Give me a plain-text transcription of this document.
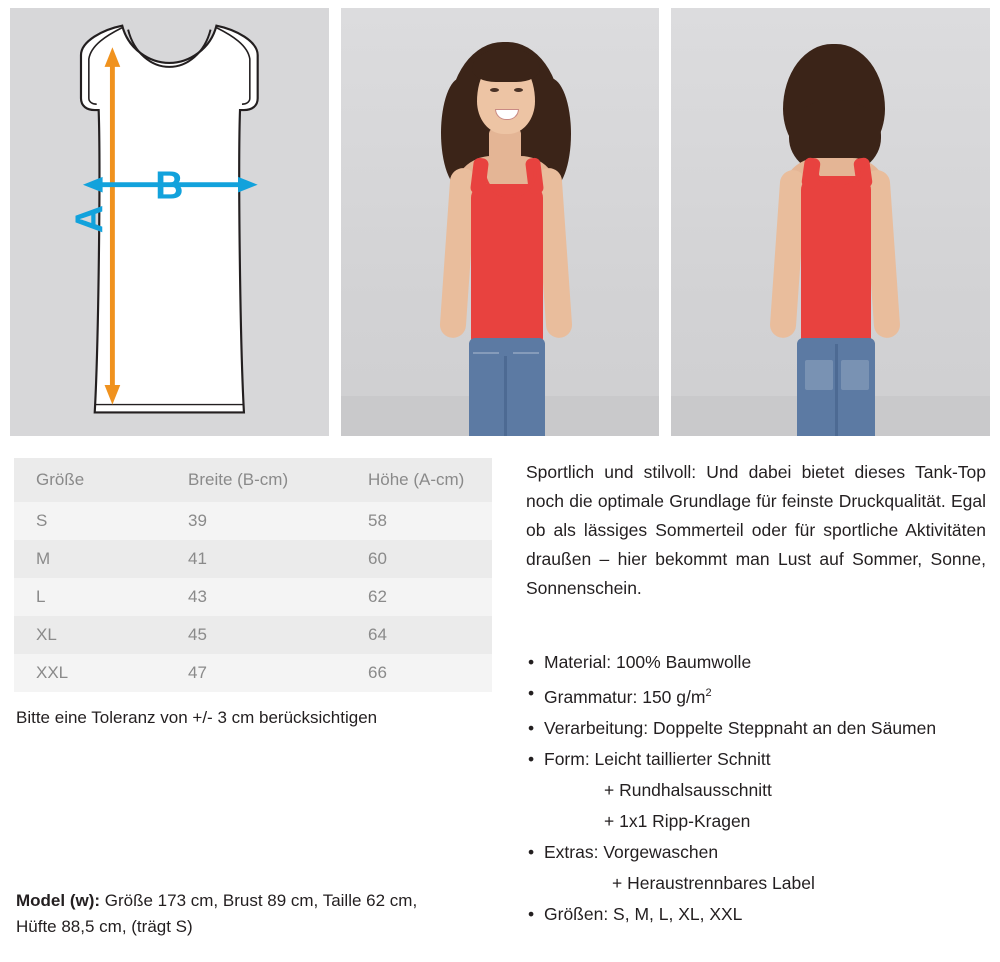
A
B
Größe	Breite (B-cm)	Höhe (A-cm)
S	39	58
M	41	60
L	43	62
XL	45	64
XXL	47	66
Bitte eine Toleranz von +/- 3 cm berücksichtigen

Sportlich und stilvoll: Und dabei bietet dieses Tank-Top noch die optimale Grundlage für feinste Druckqualität. Egal ob als lässiges Sommerteil oder für sportliche Aktivitäten draußen – hier bekommt man Lust auf Sommer, Sonne, Sonnenschein.

• Material: 100% Baumwolle
• Grammatur: 150 $g/m^2$
• Verarbeitung: Doppelte Steppnaht an den Säumen
• Form: Leicht taillierter Schnitt
+ Rundhalsausschnitt
+ 1x1 Ripp-Kragen
• Extras: Vorgewaschen
+ Heraustrennbares Label
• Größen: S, M, L, XL, XXL
Model (w): Größe 173 cm, Brust 89 cm, Taille 62 cm,
Hüfte 88,5 cm, (trägt S)
